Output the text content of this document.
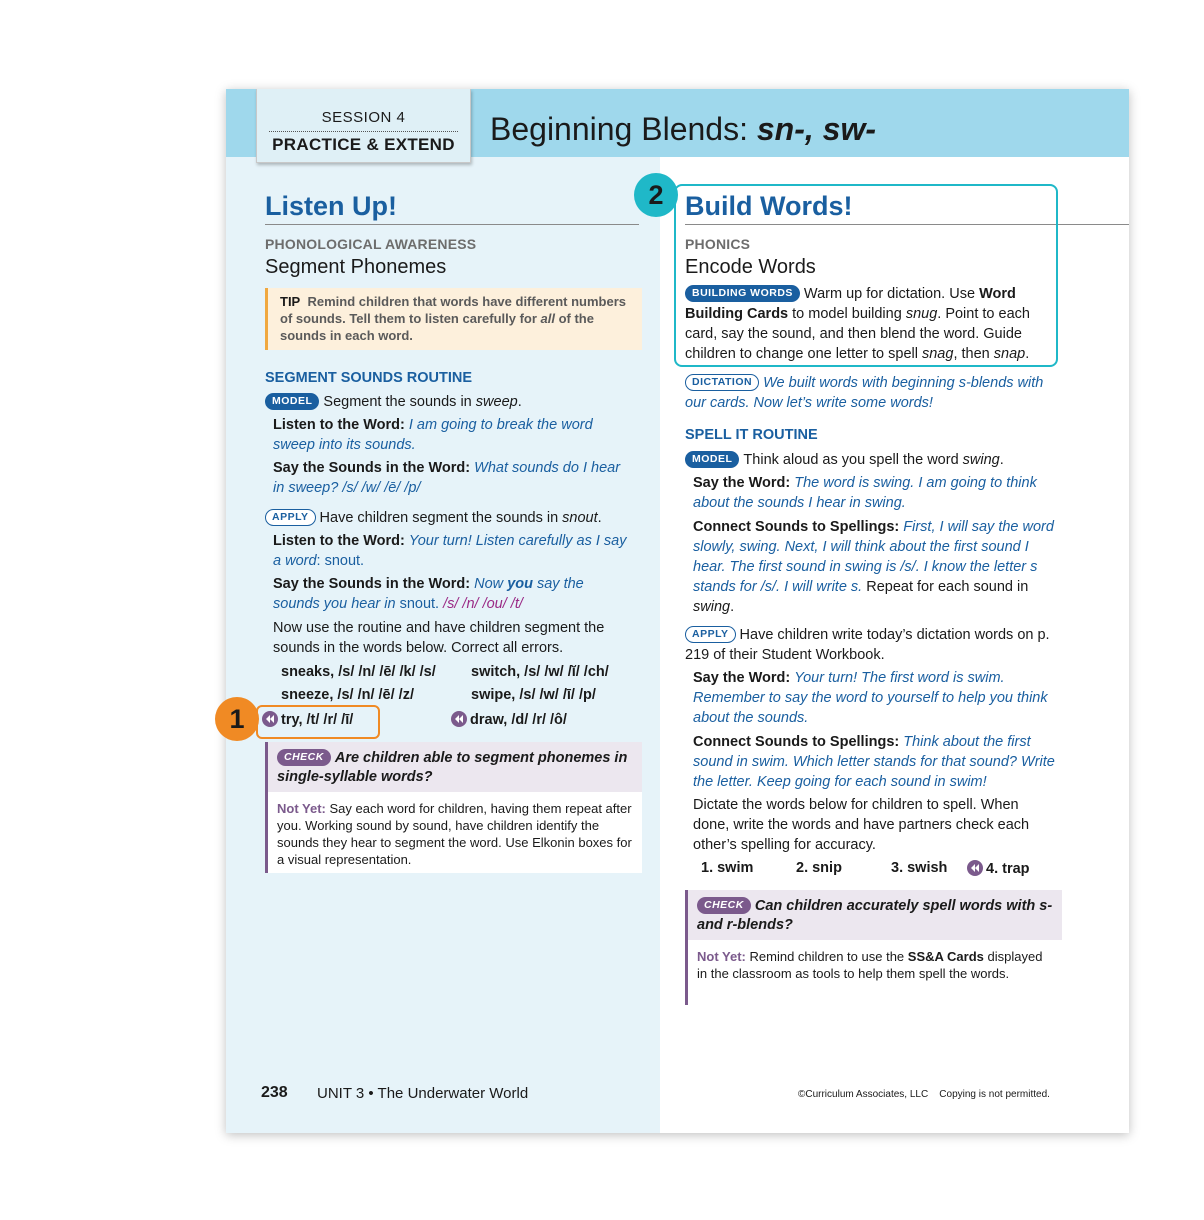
SESSION 4
PRACTICE & EXTEND	Beginning Blends: sn-, sw-
Listen Up!
PHONOLOGICAL AWARENESS
Segment Phonemes
TIP Remind children that words have different numbers of sounds. Tell them to listen carefully for all of the sounds in each word.
SEGMENT SOUNDS ROUTINE
MODEL Segment the sounds in sweep.
Listen to the Word: I am going to break the word
sweep into its sounds.
Say the Sounds in the Word: What sounds do I hear
in sweep? /s/ /w/ /ē/ /p/
APPLY Have children segment the sounds in snout.
Listen to the Word: Your turn! Listen carefully as I say
a word: snout.
Say the Sounds in the Word: Now you say the
sounds you hear in snout. /s/ /n/ /ou/ /t/
Now use the routine and have children segment the sounds in the words below. Correct all errors.
sneaks, /s/ /n/ /ē/ /k/ /s/ switch, /s/ /w/ /ĭ/ /ch/
sneeze, /s/ /n/ /ē/ /z/	swipe, /s/ /w/ /ī/ /p/
try, /t/ /r/ /ī/	draw, /d/ /r/ /ô/
CHECK Are children able to segment phonemes in single-syllable words?
Not Yet: Say each word for children, having them repeat after you. Working sound by sound, have children identify the sounds they hear to segment the word. Use Elkonin boxes for a visual representation.
Build Words!
PHONICS
Encode Words
BUILDING WORDS Warm up for dictation. Use Word
Building Cards to model building snug. Point to each card, say the sound, and then blend the word. Guide children to change one letter to spell snag, then snap.
DICTATION We built words with beginning s-blends with our cards. Now let’s write some words!
SPELL IT ROUTINE
MODEL Think aloud as you spell the word swing.
Say the Word: The word is swing. I am going to think about the sounds I hear in swing.
Connect Sounds to Spellings: First, I will say the word slowly, swing. Next, I will think about the first sound I hear. The first sound in swing is /s/. I know the letter s stands for /s/. I will write s. Repeat for each sound in swing.
APPLY Have children write today’s dictation words on p. 219 of their Student Workbook.
Say the Word: Your turn! The first word is swim. Remember to say the word to yourself to help you think about the sounds.
Connect Sounds to Spellings: Think about the first sound in swim. Which letter stands for that sound? Write the letter. Keep going for each sound in swim!
Dictate the words below for children to spell. When done, write the words and have partners check each other’s spelling for accuracy.
1. swim	2. snip	3. swish	4. trap
CHECK Can children accurately spell words with s- and r-blends?
Not Yet: Remind children to use the SS&A Cards displayed in the classroom as tools to help them spell the words.
238 UNIT 3 • The Underwater World	©Curriculum Associates, LLC    Copying is not permitted.
2
1
